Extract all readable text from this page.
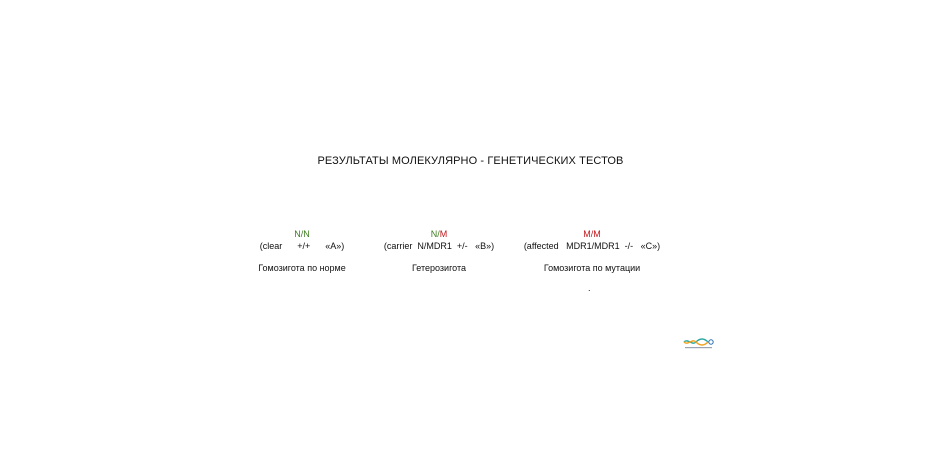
РЕЗУЛЬТАТЫ МОЛЕКУЛЯРНО - ГЕНЕТИЧЕСКИХ ТЕСТОВ
N/N
(clear      +/+      «A»)
Гомозигота по норме
N/M
(carrier  N/MDR1  +/-   «B»)
Гетерозигота
M/M
(affected   MDR1/MDR1  -/-   «C»)
Гомозигота по мутации
.
